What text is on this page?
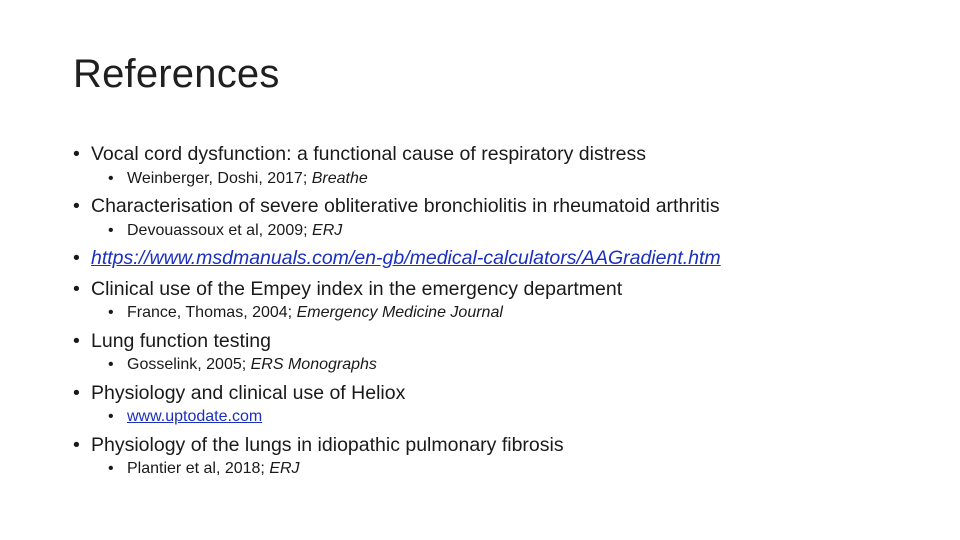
References
• Vocal cord dysfunction: a functional cause of respiratory distress
• Weinberger, Doshi, 2017; Breathe
• Characterisation of severe obliterative bronchiolitis in rheumatoid arthritis
• Devouassoux et al, 2009; ERJ
• https://www.msdmanuals.com/en-gb/medical-calculators/AAGradient.htm
• Clinical use of the Empey index in the emergency department
• France, Thomas, 2004; Emergency Medicine Journal
• Lung function testing
• Gosselink, 2005; ERS Monographs
• Physiology and clinical use of Heliox
• www.uptodate.com
• Physiology of the lungs in idiopathic pulmonary fibrosis
• Plantier et al, 2018; ERJ
